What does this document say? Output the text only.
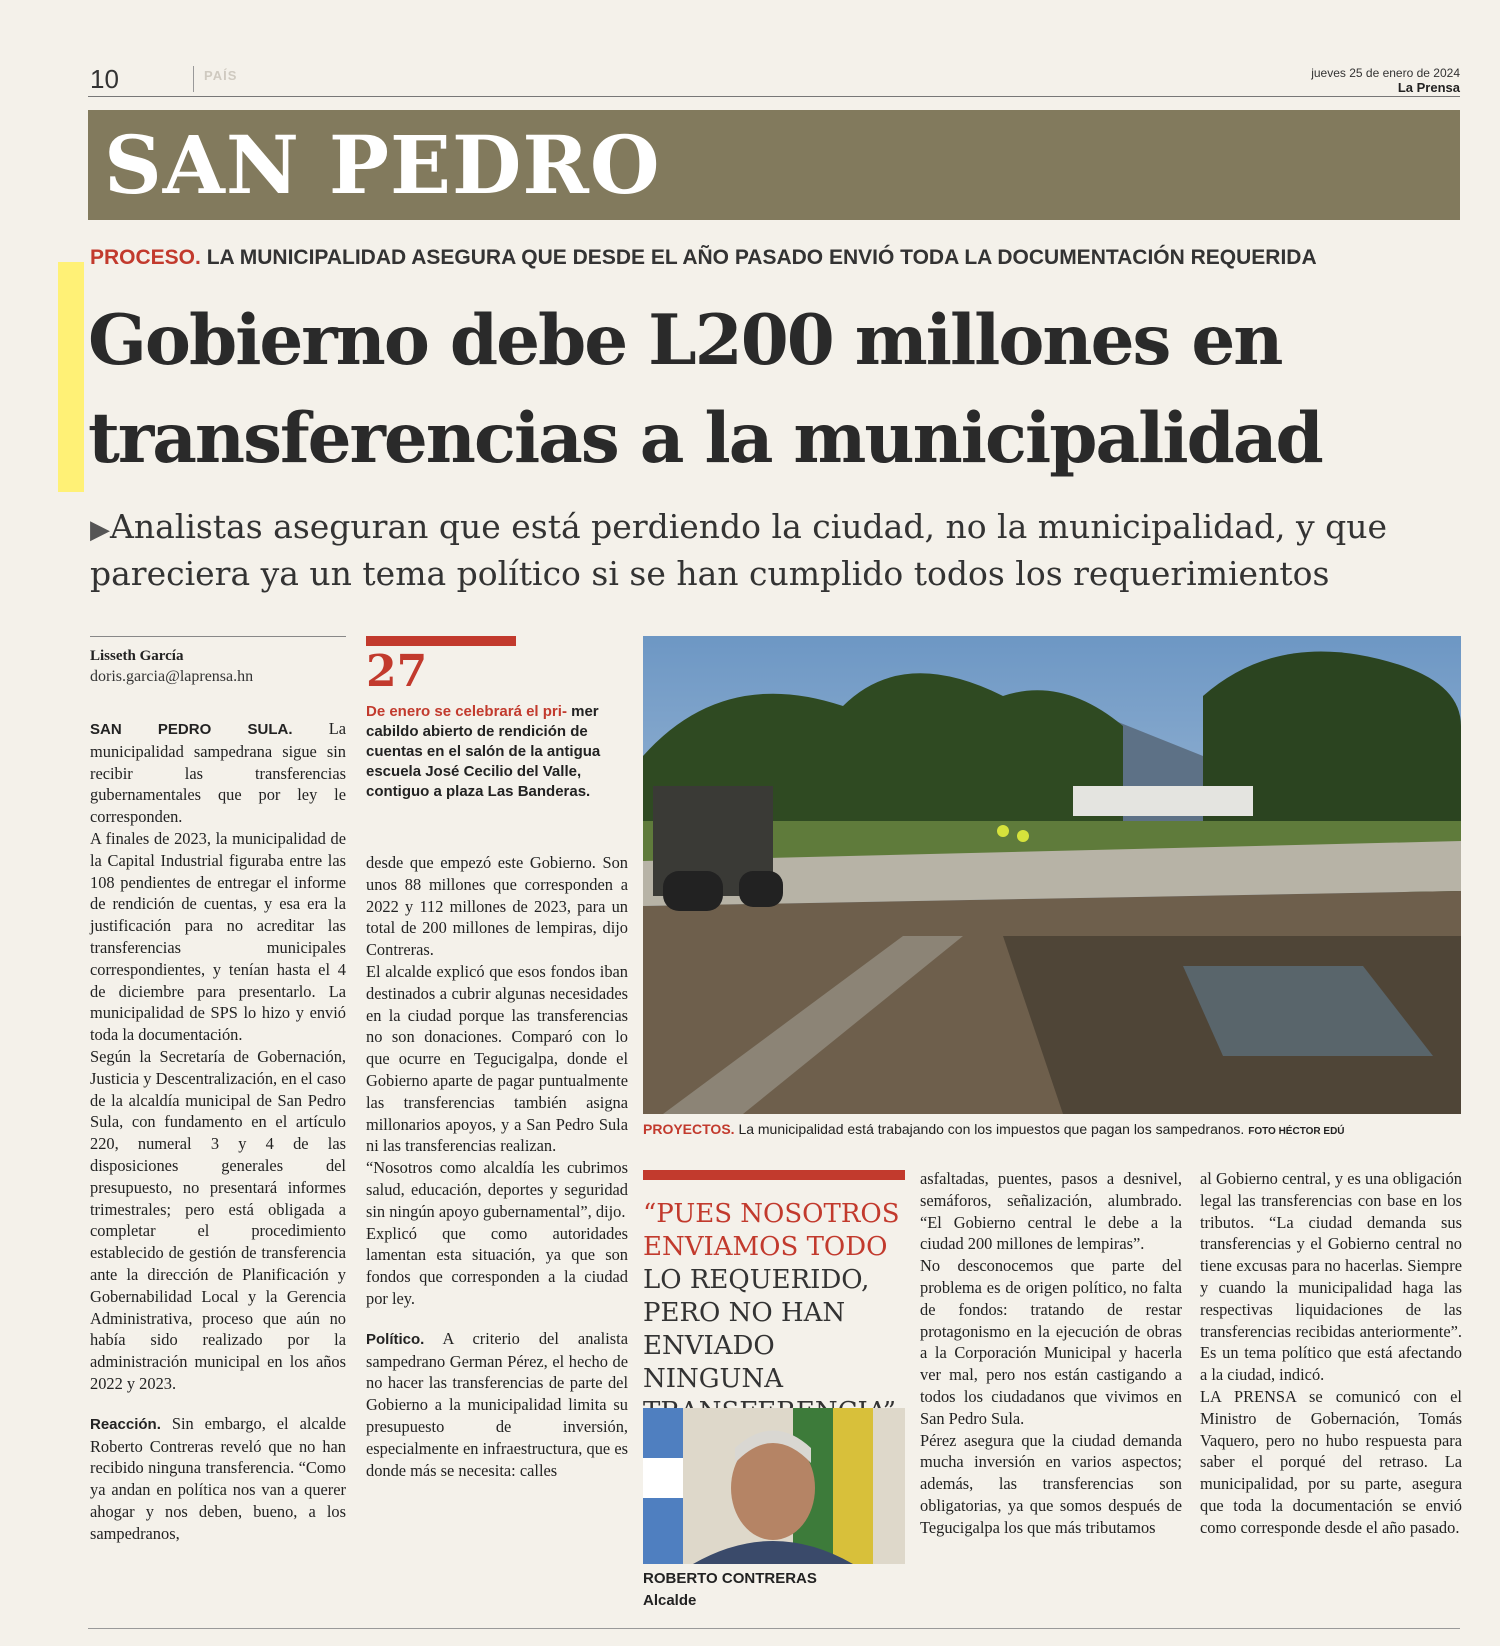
10	PAÍS	jueves 25 de enero de 2024
La Prensa
SAN PEDRO
PROCESO. LA MUNICIPALIDAD ASEGURA QUE DESDE EL AÑO PASADO ENVIÓ TODA LA DOCUMENTACIÓN REQUERIDA
Gobierno debe L200 millones en
transferencias a la municipalidad
▶Analistas aseguran que está perdiendo la ciudad, no la municipalidad, y que pareciera ya un tema político si se han cumplido todos los requerimientos
Lisseth García
doris.garcia@laprensa.hn	27
De enero se celebrará el pri- mer cabildo abierto de rendición de cuentas en el salón de la antigua escuela José Cecilio del Valle, contiguo a plaza Las Banderas.

SAN PEDRO SULA. La municipalidad sampedrana sigue sin recibir las transferencias gubernamentales que por ley le corresponden.

A finales de 2023, la municipalidad de la Capital Industrial figuraba entre las 108 pendientes de entregar el informe de rendición de cuentas, y esa era la justificación para no acreditar las transferencias municipales correspondientes, y tenían hasta el 4 de diciembre para presentarlo. La municipalidad de SPS lo hizo y envió toda la documentación.

Según la Secretaría de Gobernación, Justicia y Descentralización, en el caso de la alcaldía municipal de San Pedro Sula, con fundamento en el artículo 220, numeral 3 y 4 de las disposiciones generales del presupuesto, no presentará informes trimestrales; pero está obligada a completar el procedimiento establecido de gestión de transferencia ante la dirección de Planificación y Gobernabilidad Local y la Gerencia Administrativa, proceso que aún no había sido realizado por la administración municipal en los años 2022 y 2023.

Reacción. Sin embargo, el alcalde Roberto Contreras reveló que no han recibido ninguna transferencia. “Como ya andan en política nos van a querer ahogar y nos deben, bueno, a los sampedranos,

desde que empezó este Gobierno. Son unos 88 millones que corresponden a 2022 y 112 millones de 2023, para un total de 200 millones de lempiras, dijo Contreras.

El alcalde explicó que esos fondos iban destinados a cubrir algunas necesidades en la ciudad porque las transferencias no son donaciones. Comparó con lo que ocurre en Tegucigalpa, donde el Gobierno aparte de pagar puntualmente las transferencias también asigna millonarios apoyos, y a San Pedro Sula ni las transferencias realizan.

“Nosotros como alcaldía les cubrimos salud, educación, deportes y seguridad sin ningún apoyo gubernamental”, dijo.

Explicó que como autoridades lamentan esta situación, ya que son fondos que corresponden a la ciudad por ley.

Político. A criterio del analista sampedrano German Pérez, el hecho de no hacer las transferencias de parte del Gobierno a la municipalidad limita su presupuesto de inversión, especialmente en infraestructura, que es donde más se necesita: calles

PROYECTOS. La municipalidad está trabajando con los impuestos que pagan los sampedranos. FOTO HÉCTOR EDÚ
“PUES NOSOTROS ENVIAMOS TODO LO REQUERIDO, PERO NO HAN ENVIADO NINGUNA
ROBERTO CONTRERAS
Alcalde

asfaltadas, puentes, pasos a desnivel, semáforos, señalización, alumbrado. “El Gobierno central le debe a la ciudad 200 millones de lempiras”.

No desconocemos que parte del problema es de origen político, no falta de fondos: tratando de restar protagonismo en la ejecución de obras a la Corporación Municipal y hacerla ver mal, pero nos están castigando a todos los ciudadanos que vivimos en San Pedro Sula.

Pérez asegura que la ciudad demanda mucha inversión en varios aspectos; además, las transferencias son obligatorias, ya que somos después de Tegucigalpa los que más tributamos

al Gobierno central, y es una obligación legal las transferencias con base en los tributos. “La ciudad demanda sus transferencias y el Gobierno central no tiene excusas para no hacerlas. Siempre y cuando la municipalidad haga las respectivas liquidaciones de las transferencias recibidas anteriormente”. Es un tema político que está afectando a la ciudad, indicó.

LA PRENSA se comunicó con el Ministro de Gobernación, Tomás Vaquero, pero no hubo respuesta para saber el porqué del retraso. La municipalidad, por su parte, asegura que toda la documentación se envió como corresponde desde el año pasado.
